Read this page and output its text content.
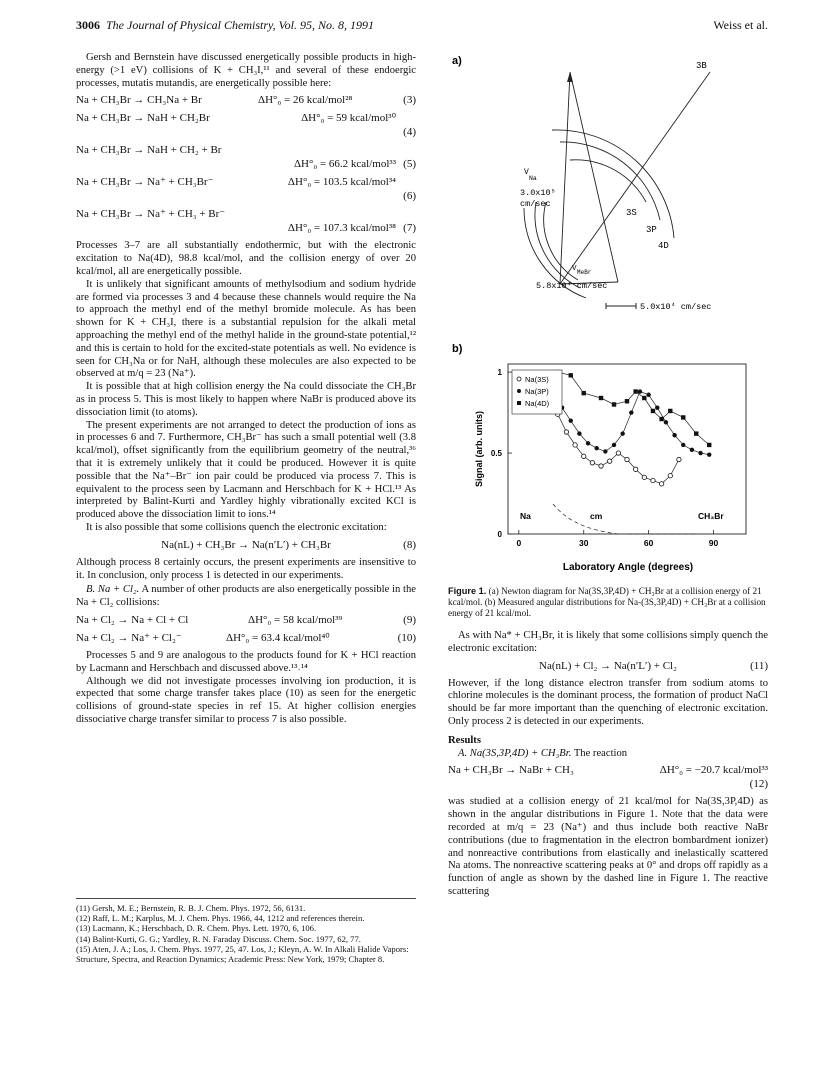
3006 The Journal of Physical Chemistry, Vol. 95, No. 8, 1991	Weiss et al.

Gersh and Bernstein have discussed energetically possible products in high-energy (>1 eV) collisions of K + CH₃I,¹¹ and several of these endoergic processes, mutatis mutandis, are energetically possible here:

Na + CH₃Br → CH₃Na + Br	ΔH°₀ = 26 kcal/mol²⁸	(3)
Na + CH₃Br → NaH + CH₂Br	ΔH°₀ = 59 kcal/mol³⁰
(4)
Na + CH₃Br → NaH + CH₂ + Br
ΔH°₀ = 66.2 kcal/mol³³ (5)
Na + CH₃Br → Na⁺ + CH₃Br⁻	ΔH°₀ = 103.5 kcal/mol³⁴
(6)
Na + CH₃Br → Na⁺ + CH₃ + Br⁻
ΔH°₀ = 107.3 kcal/mol³⁸ (7)

Processes 3–7 are all substantially endothermic, but with the electronic excitation to Na(4D), 98.8 kcal/mol, and the collision energy of over 20 kcal/mol, all are energetically possible.

It is unlikely that significant amounts of methylsodium and sodium hydride are formed via processes 3 and 4 because these channels would require the Na to approach the methyl end of the methyl bromide molecule. As has been shown for K + CH₃I, there is a substantial repulsion for the alkali metal approaching the methyl end of the methyl halide in the ground-state potential,¹² and this is certain to hold for the excited-state potentials as well. No evidence is seen for CH₃Na or for NaH, although these molecules are also expected to be observed at m/q = 23 (Na⁺).

It is possible that at high collision energy the Na could dissociate the CH₃Br as in process 5. This is most likely to happen where NaBr is produced above its dissociation limit (to atoms).

The present experiments are not arranged to detect the production of ions as in processes 6 and 7. Furthermore, CH₃Br⁻ has such a small potential well (3.8 kcal/mol), offset significantly from the equilibrium geometry of the neutral,³⁶ that it is extremely unlikely that it could be produced. However it is quite possible that the Na⁺–Br⁻ ion pair could be produced via process 7. This is equivalent to the process seen by Lacmann and Herschbach for K + HCl.¹³ As interpreted by Balint-Kurti and Yardley highly vibrationally excited KCl is produced above the dissociation limit to ions.¹⁴

It is also possible that some collisions quench the electronic excitation:

Na(nL) + CH₃Br → Na(n′L′) + CH₃Br	(8)

Although process 8 certainly occurs, the present experiments are insensitive to it. In conclusion, only process 1 is detected in our experiments.

B. Na + Cl₂. A number of other products are also energetically possible in the Na + Cl₂ collisions:

Na + Cl₂ → Na + Cl + Cl	ΔH°₀ = 58 kcal/mol³⁹	(9)
Na + Cl₂ → Na⁺ + Cl₂⁻	ΔH°₀ = 63.4 kcal/mol⁴⁰	(10)

Processes 5 and 9 are analogous to the products found for K + HCl reaction by Lacmann and Herschbach and discussed above.¹³˒¹⁴

Although we did not investigate processes involving ion production, it is expected that some charge transfer takes place (10) as seen for the energetic collisions of ground-state species in ref 15. At higher collision energies dissociative charge transfer similar to process 7 is also possible.

(11) Gersh, M. E.; Bernstein, R. B. J. Chem. Phys. 1972, 56, 6131.
(12) Raff, L. M.; Karplus, M. J. Chem. Phys. 1966, 44, 1212 and references therein.
(13) Lacmann, K.; Herschbach, D. R. Chem. Phys. Lett. 1970, 6, 106.
(14) Balint-Kurti, G. G.; Yardley, R. N. Faraday Discuss. Chem. Soc. 1977, 62, 77.
(15) Aten, J. A.; Los, J. Chem. Phys. 1977, 25, 47. Los, J.; Kleyn, A. W. In Alkali Halide Vapors: Structure, Spectra, and Reaction Dynamics; Academic Press: New York, 1979; Chapter 8.
a)	3B
V
Na
3.0x10⁵
cm/sec
3S
3P
4D
V MeBr
5.8x10⁴ cm/sec
5.0x10⁴ cm/sec
b)
0	30	60	90
0
0.5
1
Na(3S)
Na(3P)
Na(4D)
Na	cm	CH₃Br
Laboratory Angle (degrees)
Signal (arb. units)
Figure 1. (a) Newton diagram for Na(3S,3P,4D) + CH₃Br at a collision energy of 21 kcal/mol. (b) Measured angular distributions for Na-(3S,3P,4D) + CH₃Br at a collision energy of 21 kcal/mol.

As with Na* + CH₃Br, it is likely that some collisions simply quench the electronic excitation:

Na(nL) + Cl₂ → Na(n′L′) + Cl₂	(11)

However, if the long distance electron transfer from sodium atoms to chlorine molecules is the dominant process, the formation of product NaCl should be far more important than the quenching of electronic excitation. Only process 2 is detected in our experiments.

Results

A. Na(3S,3P,4D) + CH₃Br. The reaction

Na + CH₃Br → NaBr + CH₃	ΔH°₀ = −20.7 kcal/mol³³
(12)

was studied at a collision energy of 21 kcal/mol for Na(3S,3P,4D) as shown in the angular distributions in Figure 1. Note that the data were recorded at m/q = 23 (Na⁺) and thus include both reactive NaBr contributions (due to fragmentation in the electron bombardment ionizer) and nonreactive contributions from elastically and inelastically scattered Na atoms. The nonreactive scattering peaks at 0° and drops off rapidly as a function of angle as shown by the dashed line in Figure 1. The reactive scattering
